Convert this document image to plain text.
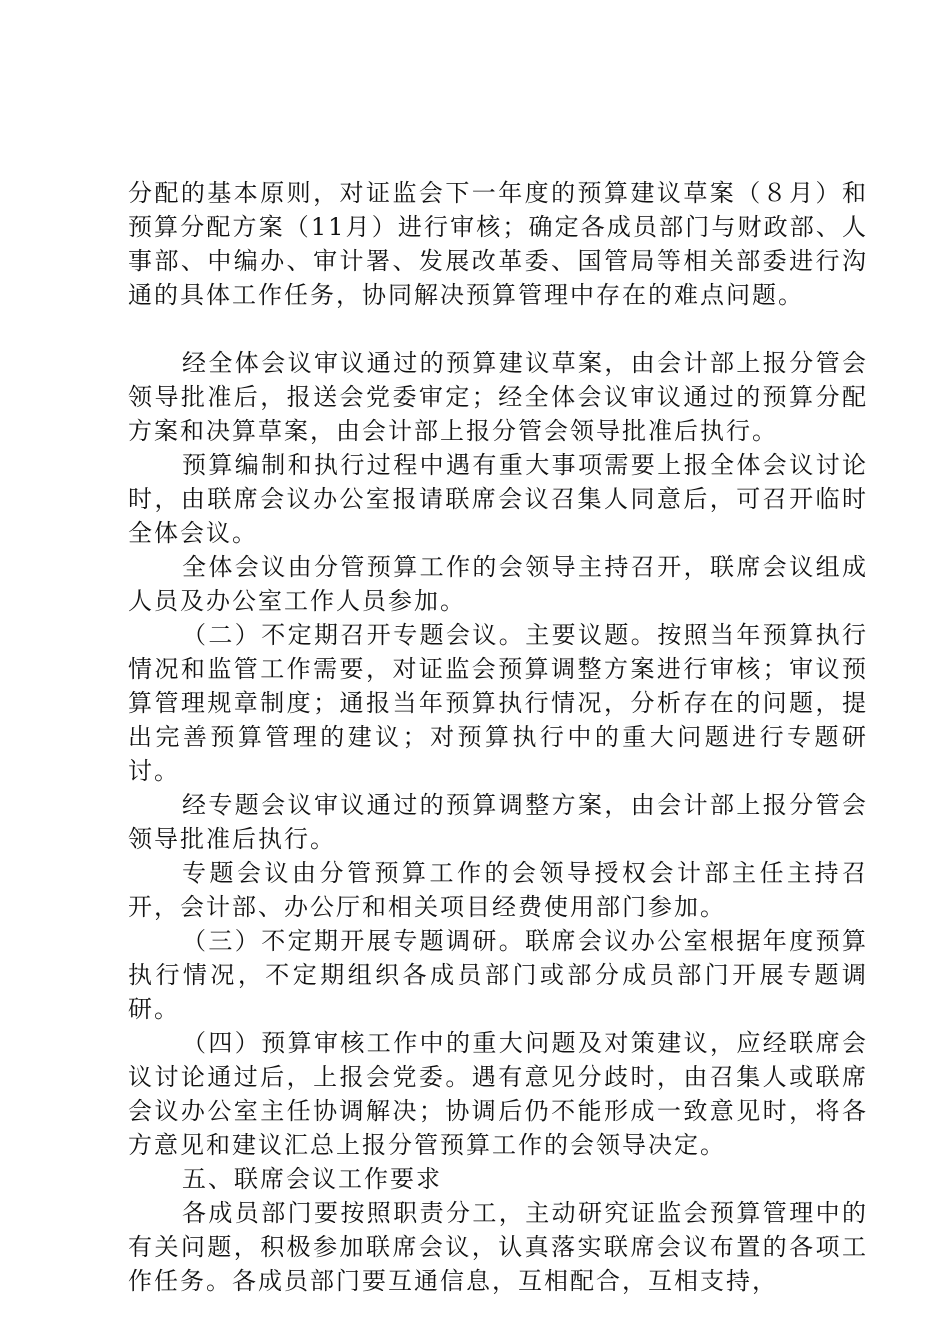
分配的基本原则，对证监会下一年度的预算建议草案（８月）和预算分配方案（11月）进行审核；确定各成员部门与财政部、人事部、中编办、审计署、发展改革委、国管局等相关部委进行沟通的具体工作任务，协同解决预算管理中存在的难点问题。

经全体会议审议通过的预算建议草案，由会计部上报分管会领导批准后，报送会党委审定；经全体会议审议通过的预算分配方案和决算草案，由会计部上报分管会领导批准后执行。

预算编制和执行过程中遇有重大事项需要上报全体会议讨论时，由联席会议办公室报请联席会议召集人同意后，可召开临时全体会议。

全体会议由分管预算工作的会领导主持召开，联席会议组成人员及办公室工作人员参加。

（二）不定期召开专题会议。主要议题。按照当年预算执行情况和监管工作需要，对证监会预算调整方案进行审核；审议预算管理规章制度；通报当年预算执行情况，分析存在的问题，提出完善预算管理的建议；对预算执行中的重大问题进行专题研讨。

经专题会议审议通过的预算调整方案，由会计部上报分管会领导批准后执行。

专题会议由分管预算工作的会领导授权会计部主任主持召开，会计部、办公厅和相关项目经费使用部门参加。

（三）不定期开展专题调研。联席会议办公室根据年度预算执行情况，不定期组织各成员部门或部分成员部门开展专题调研。

（四）预算审核工作中的重大问题及对策建议，应经联席会议讨论通过后，上报会党委。遇有意见分歧时，由召集人或联席会议办公室主任协调解决；协调后仍不能形成一致意见时，将各方意见和建议汇总上报分管预算工作的会领导决定。

五、联席会议工作要求

各成员部门要按照职责分工，主动研究证监会预算管理中的有关问题，积极参加联席会议，认真落实联席会议布置的各项工作任务。各成员部门要互通信息，互相配合，互相支持，
